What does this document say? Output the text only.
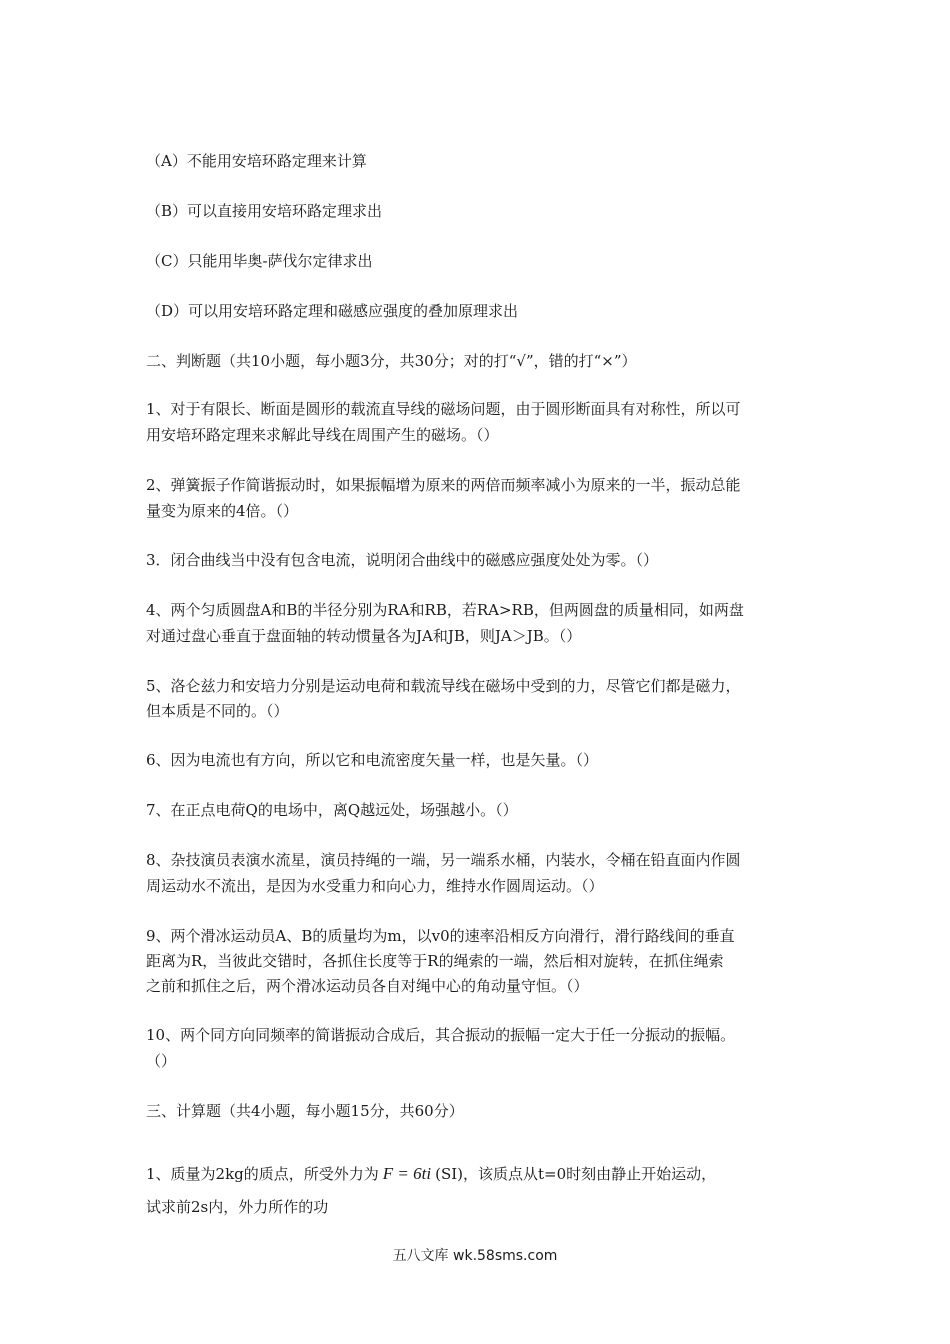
（A）不能用安培环路定理来计算
（B）可以直接用安培环路定理求出
（C）只能用毕奥-萨伐尔定律求出
（D）可以用安培环路定理和磁感应强度的叠加原理求出
二、判断题（共10小题，每小题3分，共30分；对的打“√”，错的打“×”）
1、对于有限长、断面是圆形的载流直导线的磁场问题，由于圆形断面具有对称性，所以可
用安培环路定理来求解此导线在周围产生的磁场。（）
2、弹簧振子作简谐振动时，如果振幅增为原来的两倍而频率减小为原来的一半，振动总能
量变为原来的4倍。（）
3．闭合曲线当中没有包含电流，说明闭合曲线中的磁感应强度处处为零。（）
4、两个匀质圆盘A和B的半径分别为RA和RB，若RA>RB，但两圆盘的质量相同，如两盘
对通过盘心垂直于盘面轴的转动惯量各为JA和JB，则JA＞JB。（）
5、洛仑兹力和安培力分别是运动电荷和载流导线在磁场中受到的力，尽管它们都是磁力，
但本质是不同的。（）
6、因为电流也有方向，所以它和电流密度矢量一样，也是矢量。（）
7、在正点电荷Q的电场中，离Q越远处，场强越小。（）
8、杂技演员表演水流星，演员持绳的一端，另一端系水桶，内装水，令桶在铅直面内作圆
周运动水不流出，是因为水受重力和向心力，维持水作圆周运动。（）
9、两个滑冰运动员A、B的质量均为m，以v0的速率沿相反方向滑行，滑行路线间的垂直
距离为R，当彼此交错时，各抓住长度等于R的绳索的一端，然后相对旋转，在抓住绳索
之前和抓住之后，两个滑冰运动员各自对绳中心的角动量守恒。（）
10、两个同方向同频率的简谐振动合成后，其合振动的振幅一定大于任一分振动的振幅。
（）
三、计算题（共4小题，每小题15分，共60分）
1、质量为2kg的质点，所受外力为 F = 6ti (SI)，该质点从t=0时刻由静止开始运动，
试求前2s内，外力所作的功
五八文库 wk.58sms.com
